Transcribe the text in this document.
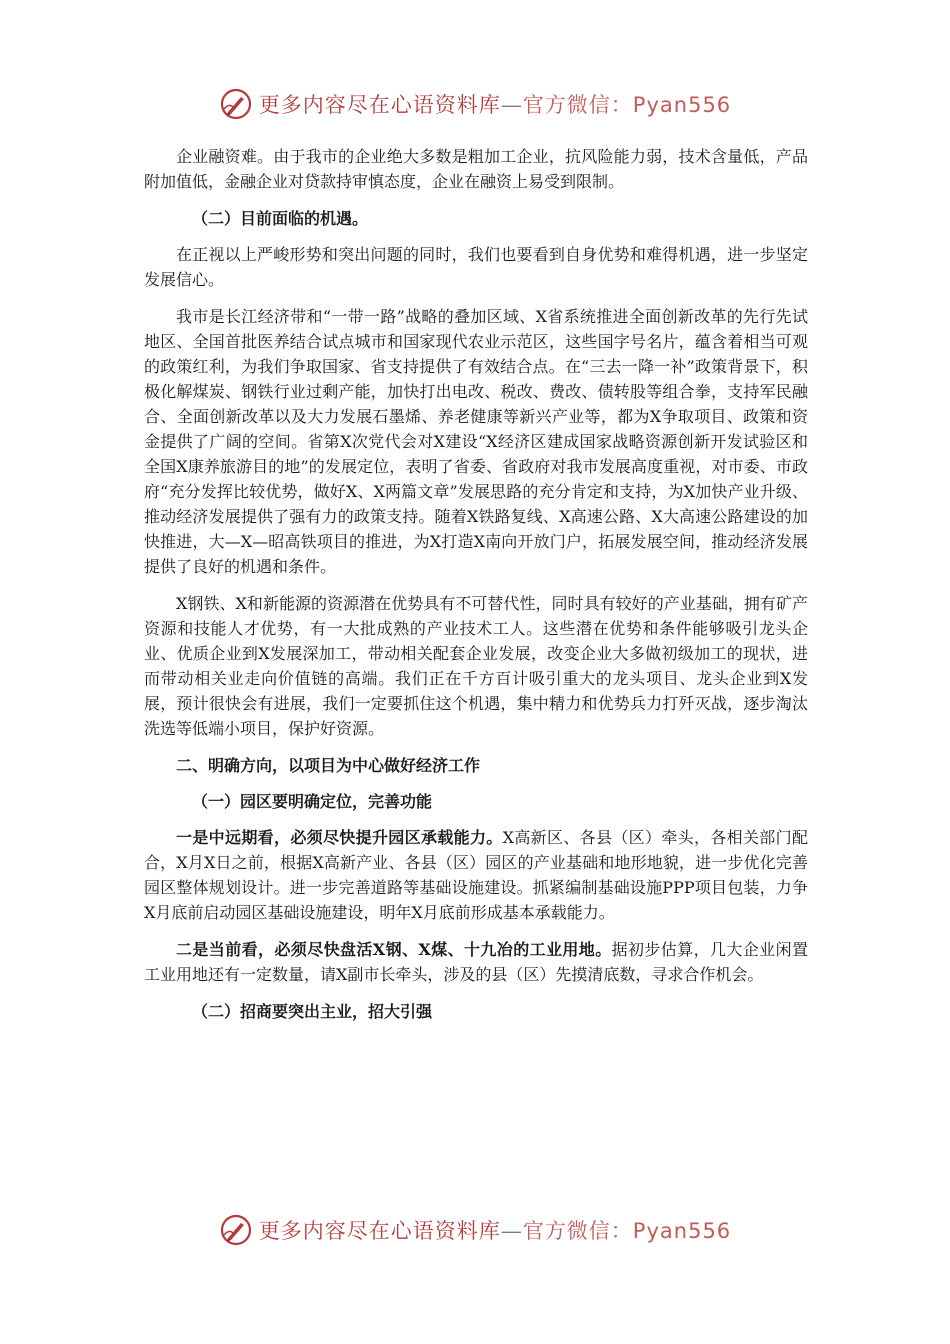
更多内容尽在心语资料库—官方微信：Pyan556

企业融资难。由于我市的企业绝大多数是粗加工企业，抗风险能力弱，技术含量低，产品附加值低，金融企业对贷款持审慎态度，企业在融资上易受到限制。

（二）目前面临的机遇。

在正视以上严峻形势和突出问题的同时，我们也要看到自身优势和难得机遇，进一步坚定发展信心。

我市是长江经济带和“一带一路”战略的叠加区域、X省系统推进全面创新改革的先行先试地区、全国首批医养结合试点城市和国家现代农业示范区，这些国字号名片，蕴含着相当可观的政策红利，为我们争取国家、省支持提供了有效结合点。在“三去一降一补”政策背景下，积极化解煤炭、钢铁行业过剩产能，加快打出电改、税改、费改、债转股等组合拳，支持军民融合、全面创新改革以及大力发展石墨烯、养老健康等新兴产业等，都为X争取项目、政策和资金提供了广阔的空间。省第X次党代会对X建设“X经济区建成国家战略资源创新开发试验区和全国X康养旅游目的地”的发展定位，表明了省委、省政府对我市发展高度重视，对市委、市政府“充分发挥比较优势，做好X、X两篇文章”发展思路的充分肯定和支持，为X加快产业升级、推动经济发展提供了强有力的政策支持。随着X铁路复线、X高速公路、X大高速公路建设的加快推进，大—X—昭高铁项目的推进，为X打造X南向开放门户，拓展发展空间，推动经济发展提供了良好的机遇和条件。

X钢铁、X和新能源的资源潜在优势具有不可替代性，同时具有较好的产业基础，拥有矿产资源和技能人才优势，有一大批成熟的产业技术工人。这些潜在优势和条件能够吸引龙头企业、优质企业到X发展深加工，带动相关配套企业发展，改变企业大多做初级加工的现状，进而带动相关业走向价值链的高端。我们正在千方百计吸引重大的龙头项目、龙头企业到X发展，预计很快会有进展，我们一定要抓住这个机遇，集中精力和优势兵力打歼灭战，逐步淘汰洗选等低端小项目，保护好资源。

二、明确方向，以项目为中心做好经济工作

（一）园区要明确定位，完善功能

一是中远期看，必须尽快提升园区承载能力。X高新区、各县（区）牵头，各相关部门配合，X月X日之前，根据X高新产业、各县（区）园区的产业基础和地形地貌，进一步优化完善园区整体规划设计。进一步完善道路等基础设施建设。抓紧编制基础设施PPP项目包装，力争X月底前启动园区基础设施建设，明年X月底前形成基本承载能力。

二是当前看，必须尽快盘活X钢、X煤、十九冶的工业用地。据初步估算，几大企业闲置工业用地还有一定数量，请X副市长牵头，涉及的县（区）先摸清底数，寻求合作机会。

（二）招商要突出主业，招大引强

更多内容尽在心语资料库—官方微信：Pyan556
